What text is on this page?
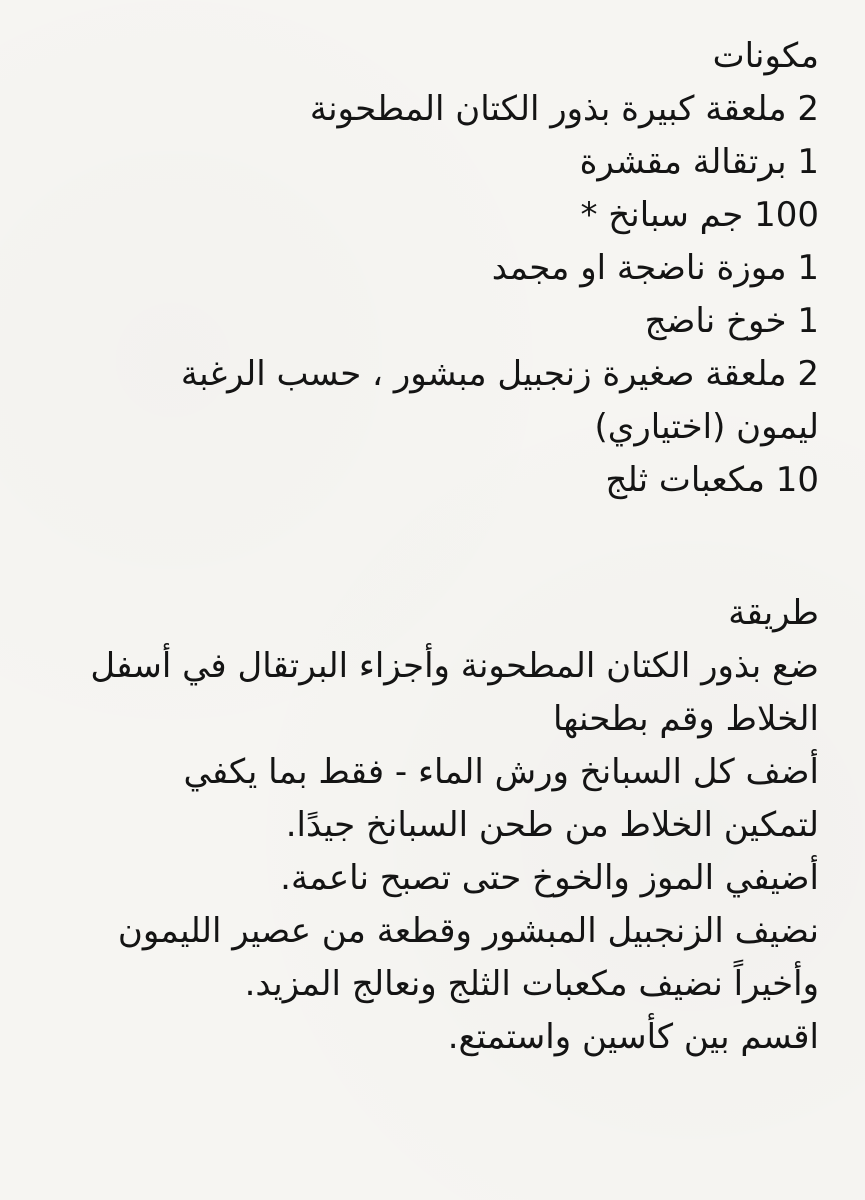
مكونات
2 ملعقة كبيرة بذور الكتان المطحونة
1 برتقالة مقشرة
100 جم سبانخ *
1 موزة ناضجة او مجمد
1 خوخ ناضج
2 ملعقة صغيرة زنجبيل مبشور ، حسب الرغبة
ليمون (اختياري)
10 مكعبات ثلج
طريقة
ضع بذور الكتان المطحونة وأجزاء البرتقال في أسفل
الخلاط وقم بطحنها
أضف كل السبانخ ورش الماء - فقط بما يكفي
لتمكين الخلاط من طحن السبانخ جيدًا.
أضيفي الموز والخوخ حتى تصبح ناعمة.
نضيف الزنجبيل المبشور وقطعة من عصير الليمون
وأخيراً نضيف مكعبات الثلج ونعالج المزيد.
اقسم بين كأسين واستمتع.
